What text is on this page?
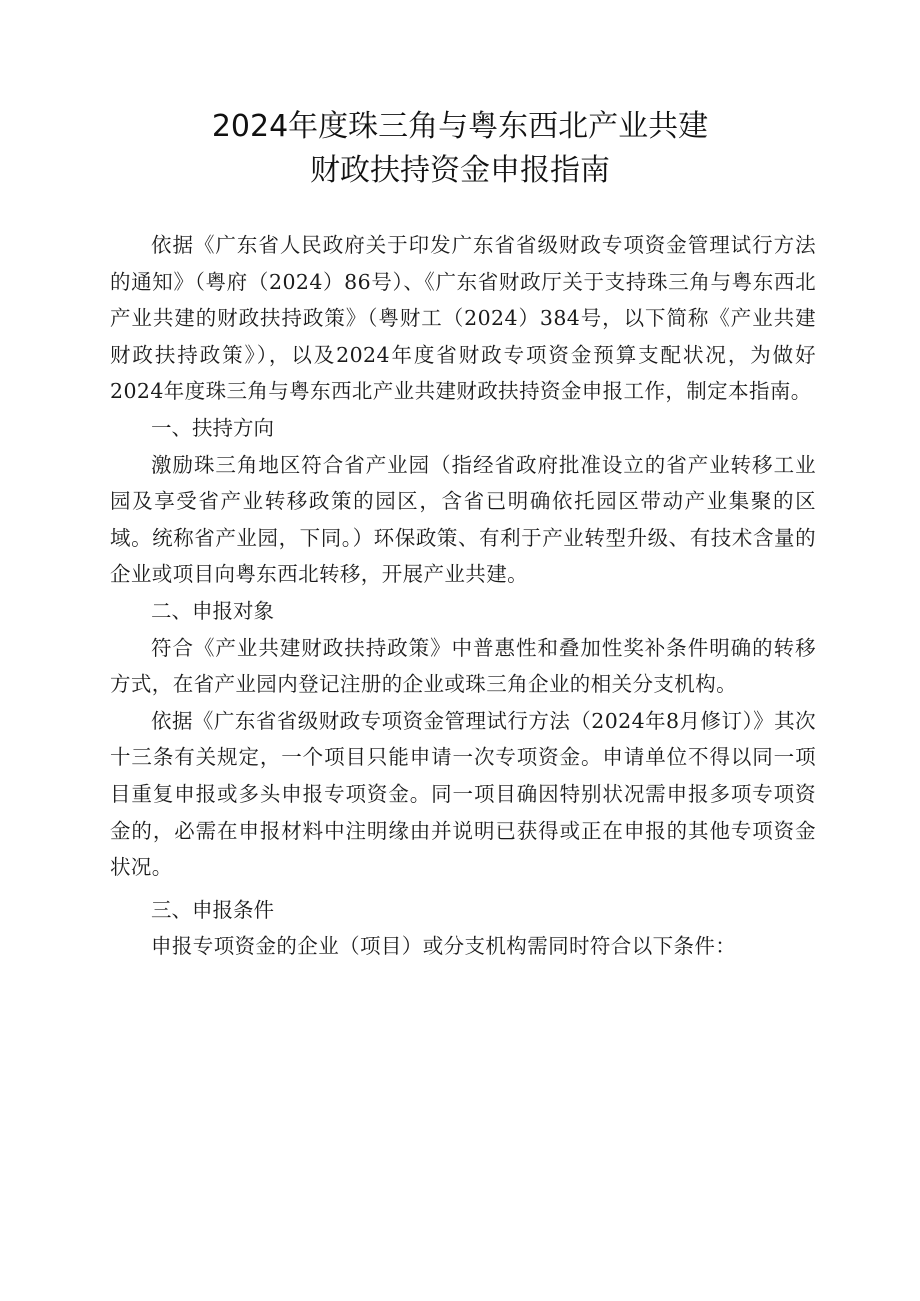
2024年度珠三角与粤东西北产业共建
财政扶持资金申报指南

依据《广东省人民政府关于印发广东省省级财政专项资金管理试行方法的通知》（粤府（2024）86号）、《广东省财政厅关于支持珠三角与粤东西北产业共建的财政扶持政策》（粤财工（2024）384号，以下简称《产业共建财政扶持政策》），以及2024年度省财政专项资金预算支配状况，为做好2024年度珠三角与粤东西北产业共建财政扶持资金申报工作，制定本指南。

一、扶持方向

激励珠三角地区符合省产业园（指经省政府批准设立的省产业转移工业园及享受省产业转移政策的园区，含省已明确依托园区带动产业集聚的区域。统称省产业园，下同。）环保政策、有利于产业转型升级、有技术含量的企业或项目向粤东西北转移，开展产业共建。

二、申报对象

符合《产业共建财政扶持政策》中普惠性和叠加性奖补条件明确的转移方式，在省产业园内登记注册的企业或珠三角企业的相关分支机构。

依据《广东省省级财政专项资金管理试行方法（2024年8月修订）》其次十三条有关规定，一个项目只能申请一次专项资金。申请单位不得以同一项目重复申报或多头申报专项资金。同一项目确因特别状况需申报多项专项资金的，必需在申报材料中注明缘由并说明已获得或正在申报的其他专项资金状况。

三、申报条件

申报专项资金的企业（项目）或分支机构需同时符合以下条件：
